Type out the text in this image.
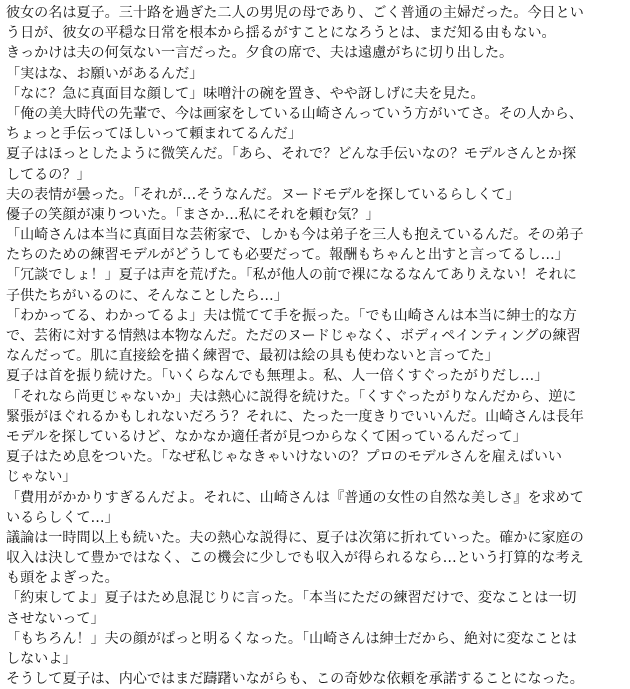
彼女の名は夏子。三十路を過ぎた二人の男児の母であり、ごく普通の主婦だった。今日とい
う日が、彼女の平穏な日常を根本から揺るがすことになろうとは、まだ知る由もない。
きっかけは夫の何気ない一言だった。夕食の席で、夫は遠慮がちに切り出した。
「実はな、お願いがあるんだ」
「なに？急に真面目な顔して」味噌汁の碗を置き、やや訝しげに夫を見た。
「俺の美大時代の先輩で、今は画家をしている山崎さんっていう方がいてさ。その人から、
ちょっと手伝ってほしいって頼まれてるんだ」
夏子はほっとしたように微笑んだ。「あら、それで？どんな手伝いなの？モデルさんとか探
してるの？」
夫の表情が曇った。「それが…そうなんだ。ヌードモデルを探しているらしくて」
優子の笑顔が凍りついた。「まさか…私にそれを頼む気？」
「山崎さんは本当に真面目な芸術家で、しかも今は弟子を三人も抱えているんだ。その弟子
たちのための練習モデルがどうしても必要だって。報酬もちゃんと出すと言ってるし…」
「冗談でしょ！」夏子は声を荒げた。「私が他人の前で裸になるなんてありえない！それに
子供たちがいるのに、そんなことしたら…」
「わかってる、わかってるよ」夫は慌てて手を振った。「でも山崎さんは本当に紳士的な方
で、芸術に対する情熱は本物なんだ。ただのヌードじゃなく、ボディペインティングの練習
なんだって。肌に直接絵を描く練習で、最初は絵の具も使わないと言ってた」
夏子は首を振り続けた。「いくらなんでも無理よ。私、人一倍くすぐったがりだし…」
「それなら尚更じゃないか」夫は熱心に説得を続けた。「くすぐったがりなんだから、逆に
緊張がほぐれるかもしれないだろう？それに、たった一度きりでいいんだ。山崎さんは長年
モデルを探しているけど、なかなか適任者が見つからなくて困っているんだって」
夏子はため息をついた。「なぜ私じゃなきゃいけないの？プロのモデルさんを雇えばいい
じゃない」
「費用がかかりすぎるんだよ。それに、山崎さんは『普通の女性の自然な美しさ』を求めて
いるらしくて…」
議論は一時間以上も続いた。夫の熱心な説得に、夏子は次第に折れていった。確かに家庭の
収入は決して豊かではなく、この機会に少しでも収入が得られるなら…という打算的な考え
も頭をよぎった。
「約束してよ」夏子はため息混じりに言った。「本当にただの練習だけで、変なことは一切
させないって」
「もちろん！」夫の顔がぱっと明るくなった。「山崎さんは紳士だから、絶対に変なことは
しないよ」
そうして夏子は、内心ではまだ躊躇いながらも、この奇妙な依頼を承諾することになった。
